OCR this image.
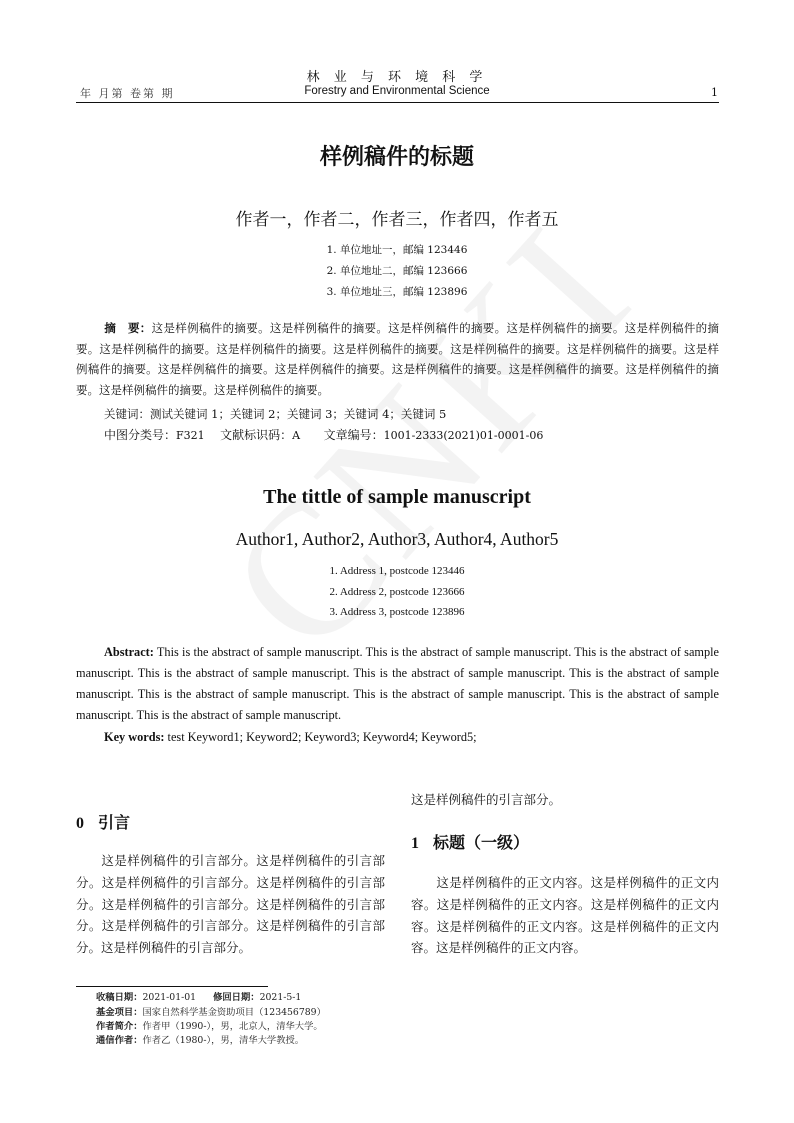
年 月第 卷第 期
林 业 与 环 境 科 学
Forestry and Environmental Science	1
样例稿件的标题
作者一，作者二，作者三，作者四，作者五
1. 单位地址一，邮编 123446
2. 单位地址二，邮编 123666
3. 单位地址三，邮编 123896
摘　要：这是样例稿件的摘要。这是样例稿件的摘要。这是样例稿件的摘要。这是样例稿件的摘要。这是样例稿件的摘要。这是样例稿件的摘要。这是样例稿件的摘要。这是样例稿件的摘要。这是样例稿件的摘要。这是样例稿件的摘要。这是样例稿件的摘要。这是样例稿件的摘要。这是样例稿件的摘要。这是样例稿件的摘要。这是样例稿件的摘要。这是样例稿件的摘要。这是样例稿件的摘要。这是样例稿件的摘要。
关键词：测试关键词 1；关键词 2；关键词 3；关键词 4；关键词 5
中图分类号：F321 文献标识码：A 文章编号：1001-2333(2021)01-0001-06
The tittle of sample manuscript
Author1, Author2, Author3, Author4, Author5
1. Address 1, postcode 123446
2. Address 2, postcode 123666
3. Address 3, postcode 123896
Abstract: This is the abstract of sample manuscript. This is the abstract of sample manuscript. This is the abstract of sample manuscript. This is the abstract of sample manuscript. This is the abstract of sample manuscript. This is the abstract of sample manuscript. This is the abstract of sample manuscript. This is the abstract of sample manuscript. This is the abstract of sample manuscript. This is the abstract of sample manuscript.
Key words: test Keyword1; Keyword2; Keyword3; Keyword4; Keyword5;
0 引言
这是样例稿件的引言部分。这是样例稿件的引言部分。这是样例稿件的引言部分。这是样例稿件的引言部分。这是样例稿件的引言部分。这是样例稿件的引言部分。这是样例稿件的引言部分。这是样例稿件的引言部分。这是样例稿件的引言部分。
这是样例稿件的引言部分。
1 标题（一级）
这是样例稿件的正文内容。这是样例稿件的正文内容。这是样例稿件的正文内容。这是样例稿件的正文内容。这是样例稿件的正文内容。这是样例稿件的正文内容。这是样例稿件的正文内容。
收稿日期：2021-01-01 修回日期：2021-5-1
基金项目：国家自然科学基金资助项目（123456789）
作者简介：作者甲（1990-），男，北京人，清华大学。
通信作者：作者乙（1980-），男，清华大学教授。
